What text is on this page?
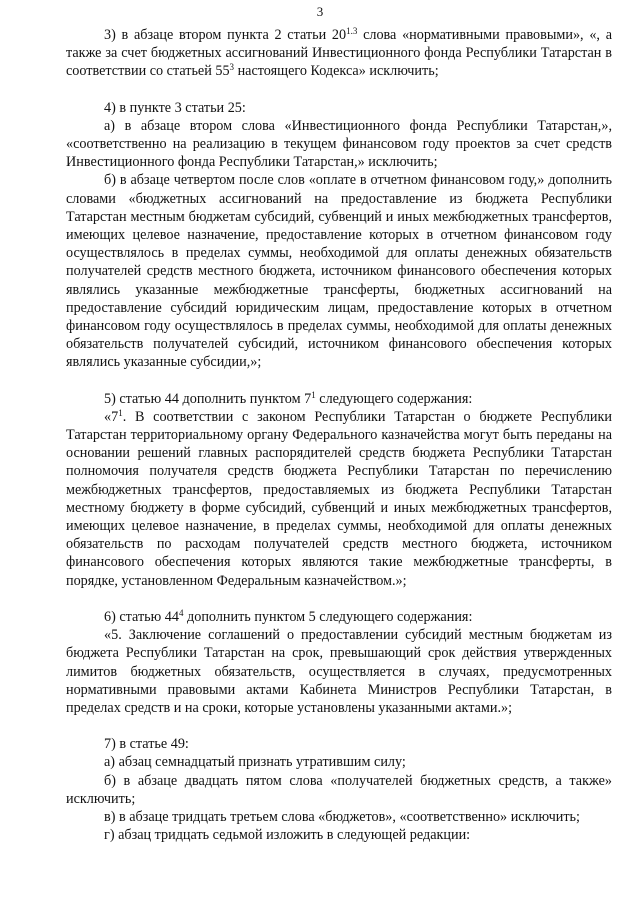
3

3) в абзаце втором пункта 2 статьи $20^{1.3}$ слова «нормативными правовыми», «, а также за счет бюджетных ассигнований Инвестиционного фонда Республики Татарстан в соответствии со статьей $55^3$ настоящего Кодекса» исключить;

4) в пункте 3 статьи 25:

а) в абзаце втором слова «Инвестиционного фонда Республики Татарстан,», «соответственно на реализацию в текущем финансовом году проектов за счет средств Инвестиционного фонда Республики Татарстан,» исключить;

б) в абзаце четвертом после слов «оплате в отчетном финансовом году,» дополнить словами «бюджетных ассигнований на предоставление из бюджета Республики Татарстан местным бюджетам субсидий, субвенций и иных межбюджетных трансфертов, имеющих целевое назначение, предоставление которых в отчетном финансовом году осуществлялось в пределах суммы, необходимой для оплаты денежных обязательств получателей средств местного бюджета, источником финансового обеспечения которых являлись указанные межбюджетные трансферты, бюджетных ассигнований на предоставление субсидий юридическим лицам, предоставление которых в отчетном финансовом году осуществлялось в пределах суммы, необходимой для оплаты денежных обязательств получателей субсидий, источником финансового обеспечения которых являлись указанные субсидии,»;

5) статью 44 дополнить пунктом $7^1$ следующего содержания:

«$7^1$. В соответствии с законом Республики Татарстан о бюджете Республики Татарстан территориальному органу Федерального казначейства могут быть переданы на основании решений главных распорядителей средств бюджета Республики Татарстан полномочия получателя средств бюджета Республики Татарстан по перечислению межбюджетных трансфертов, предоставляемых из бюджета Республики Татарстан местному бюджету в форме субсидий, субвенций и иных межбюджетных трансфертов, имеющих целевое назначение, в пределах суммы, необходимой для оплаты денежных обязательств по расходам получателей средств местного бюджета, источником финансового обеспечения которых являются такие межбюджетные трансферты, в порядке, установленном Федеральным казначейством.»;

6) статью $44^4$ дополнить пунктом 5 следующего содержания:

«5. Заключение соглашений о предоставлении субсидий местным бюджетам из бюджета Республики Татарстан на срок, превышающий срок действия утвержденных лимитов бюджетных обязательств, осуществляется в случаях, предусмотренных нормативными правовыми актами Кабинета Министров Республики Татарстан, в пределах средств и на сроки, которые установлены указанными актами.»;

7) в статье 49:

а) абзац семнадцатый признать утратившим силу;

б) в абзаце двадцать пятом слова «получателей бюджетных средств, а также» исключить;

в) в абзаце тридцать третьем слова «бюджетов», «соответственно» исключить;

г) абзац тридцать седьмой изложить в следующей редакции:
